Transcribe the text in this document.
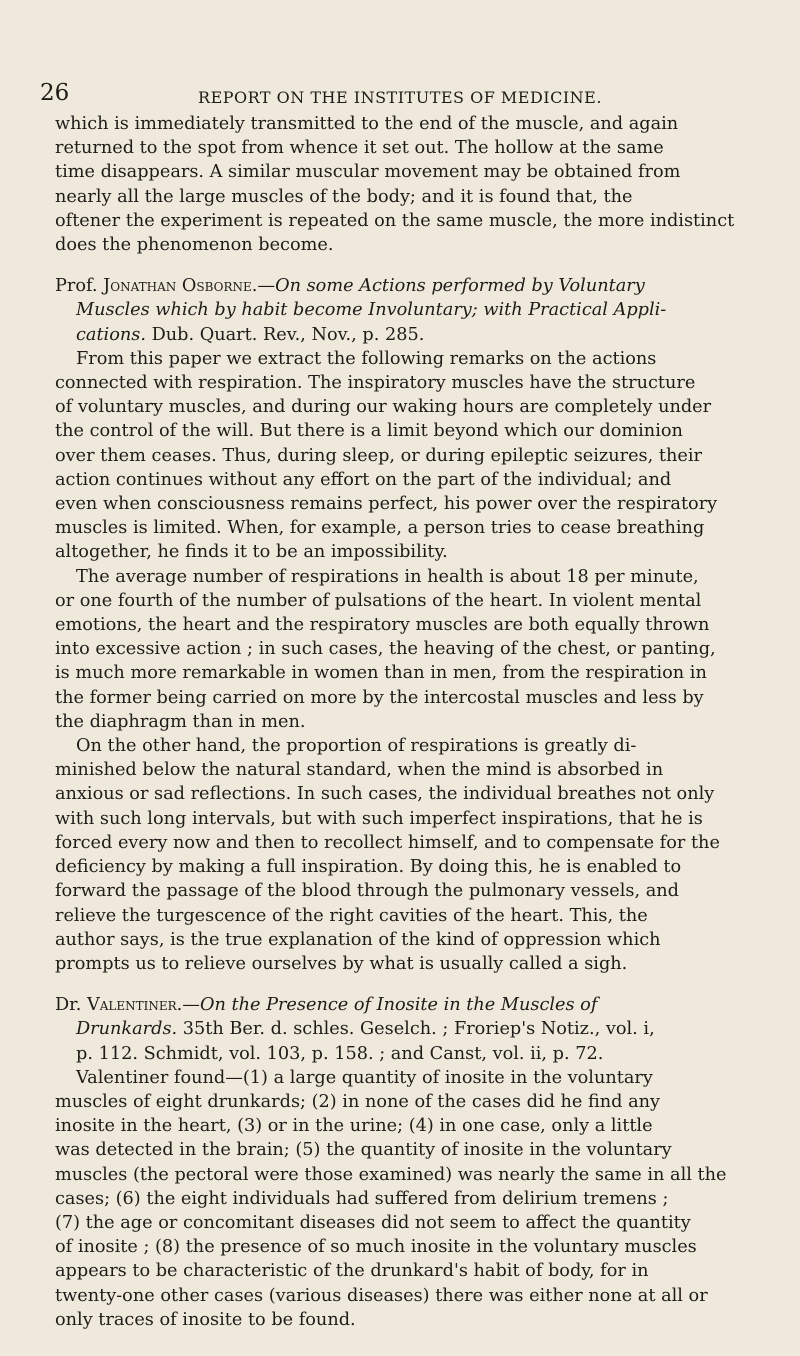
26	REPORT ON THE INSTITUTES OF MEDICINE.
which is immediately transmitted to the end of the muscle, and again
returned to the spot from whence it set out. The hollow at the same
time disappears. A similar muscular movement may be obtained from
nearly all the large muscles of the body; and it is found that, the
oftener the experiment is repeated on the same muscle, the more indistinct
does the phenomenon become.
Prof. Jonathan Osborne.—On some Actions performed by Voluntary
Muscles which by habit become Involuntary; with Practical Appli-
cations. Dub. Quart. Rev., Nov., p. 285.
From this paper we extract the following remarks on the actions
connected with respiration. The inspiratory muscles have the structure
of voluntary muscles, and during our waking hours are completely under
the control of the will. But there is a limit beyond which our dominion
over them ceases. Thus, during sleep, or during epileptic seizures, their
action continues without any effort on the part of the individual; and
even when consciousness remains perfect, his power over the respiratory
muscles is limited. When, for example, a person tries to cease breathing
altogether, he finds it to be an impossibility.
The average number of respirations in health is about 18 per minute,
or one fourth of the number of pulsations of the heart. In violent mental
emotions, the heart and the respiratory muscles are both equally thrown
into excessive action ; in such cases, the heaving of the chest, or panting,
is much more remarkable in women than in men, from the respiration in
the former being carried on more by the intercostal muscles and less by
the diaphragm than in men.
On the other hand, the proportion of respirations is greatly di-
minished below the natural standard, when the mind is absorbed in
anxious or sad reflections. In such cases, the individual breathes not only
with such long intervals, but with such imperfect inspirations, that he is
forced every now and then to recollect himself, and to compensate for the
deficiency by making a full inspiration. By doing this, he is enabled to
forward the passage of the blood through the pulmonary vessels, and
relieve the turgescence of the right cavities of the heart. This, the
author says, is the true explanation of the kind of oppression which
prompts us to relieve ourselves by what is usually called a sigh.
Dr. Valentiner.—On the Presence of Inosite in the Muscles of
Drunkards. 35th Ber. d. schles. Geselch. ; Froriep's Notiz., vol. i,
p. 112. Schmidt, vol. 103, p. 158. ; and Canst, vol. ii, p. 72.
Valentiner found—(1) a large quantity of inosite in the voluntary
muscles of eight drunkards; (2) in none of the cases did he find any
inosite in the heart, (3) or in the urine; (4) in one case, only a little
was detected in the brain; (5) the quantity of inosite in the voluntary
muscles (the pectoral were those examined) was nearly the same in all the
cases; (6) the eight individuals had suffered from delirium tremens ;
(7) the age or concomitant diseases did not seem to affect the quantity
of inosite ; (8) the presence of so much inosite in the voluntary muscles
appears to be characteristic of the drunkard's habit of body, for in
twenty-one other cases (various diseases) there was either none at all or
only traces of inosite to be found.
